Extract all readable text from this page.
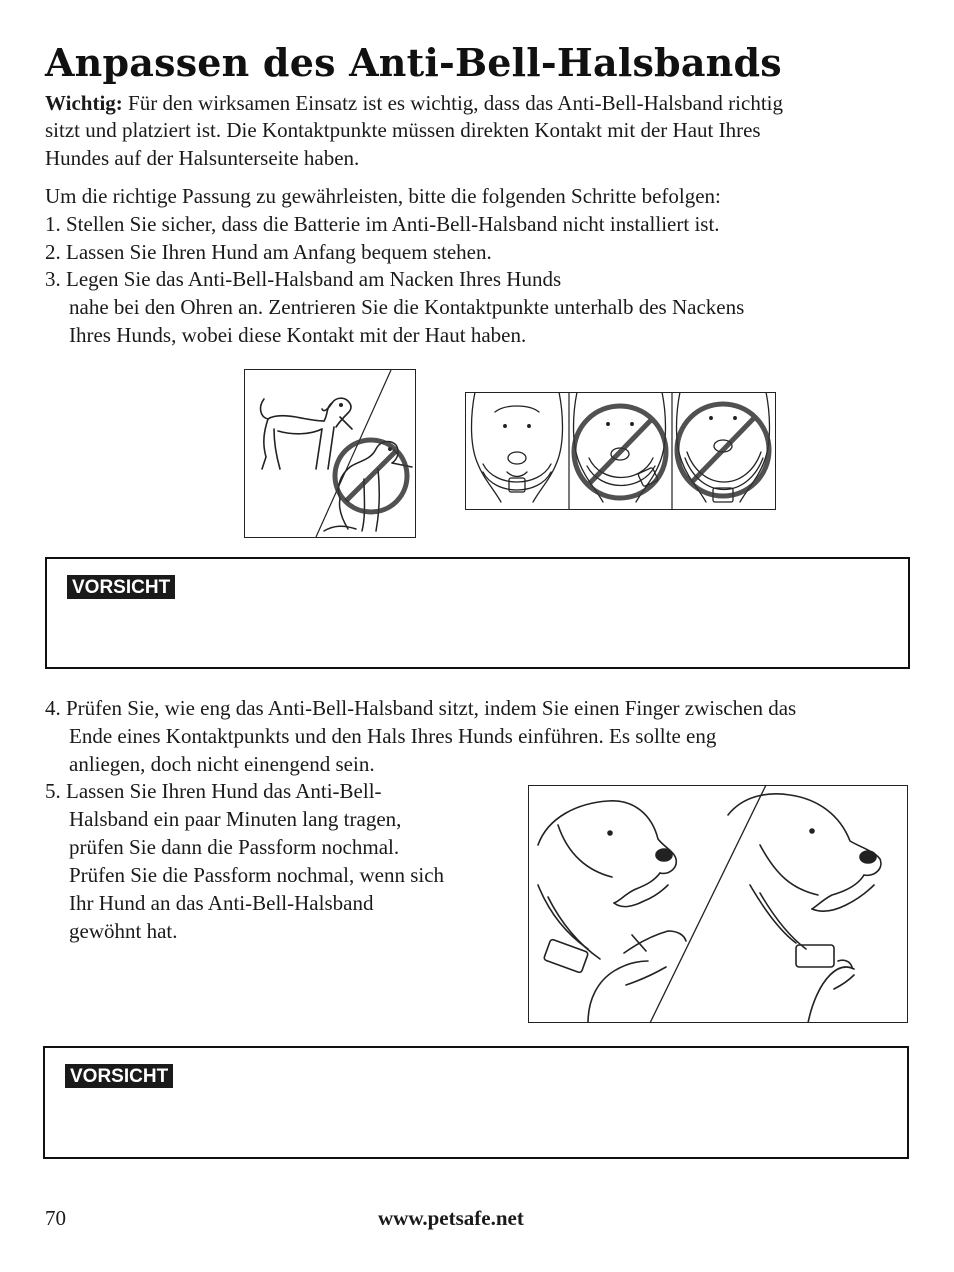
Anpassen des Anti-Bell-Halsbands
Wichtig: Für den wirksamen Einsatz ist es wichtig, dass das Anti-Bell-Halsband richtig
sitzt und platziert ist. Die Kontaktpunkte müssen direkten Kontakt mit der Haut Ihres
Hundes auf der Halsunterseite haben.
Um die richtige Passung zu gewährleisten, bitte die folgenden Schritte befolgen:
1. Stellen Sie sicher, dass die Batterie im Anti-Bell-Halsband nicht installiert ist.
2. Lassen Sie Ihren Hund am Anfang bequem stehen.
3. Legen Sie das Anti-Bell-Halsband am Nacken Ihres Hunds
nahe bei den Ohren an. Zentrieren Sie die Kontaktpunkte unterhalb des Nackens
Ihres Hunds, wobei diese Kontakt mit der Haut haben.
VORSICHT
4. Prüfen Sie, wie eng das Anti-Bell-Halsband sitzt, indem Sie einen Finger zwischen das
Ende eines Kontaktpunkts und den Hals Ihres Hunds einführen. Es sollte eng
anliegen, doch nicht einengend sein.
5. Lassen Sie Ihren Hund das Anti-Bell-
Halsband ein paar Minuten lang tragen,
prüfen Sie dann die Passform nochmal.
Prüfen Sie die Passform nochmal, wenn sich
Ihr Hund an das Anti-Bell-Halsband
gewöhnt hat.
VORSICHT
70	www.petsafe.net
